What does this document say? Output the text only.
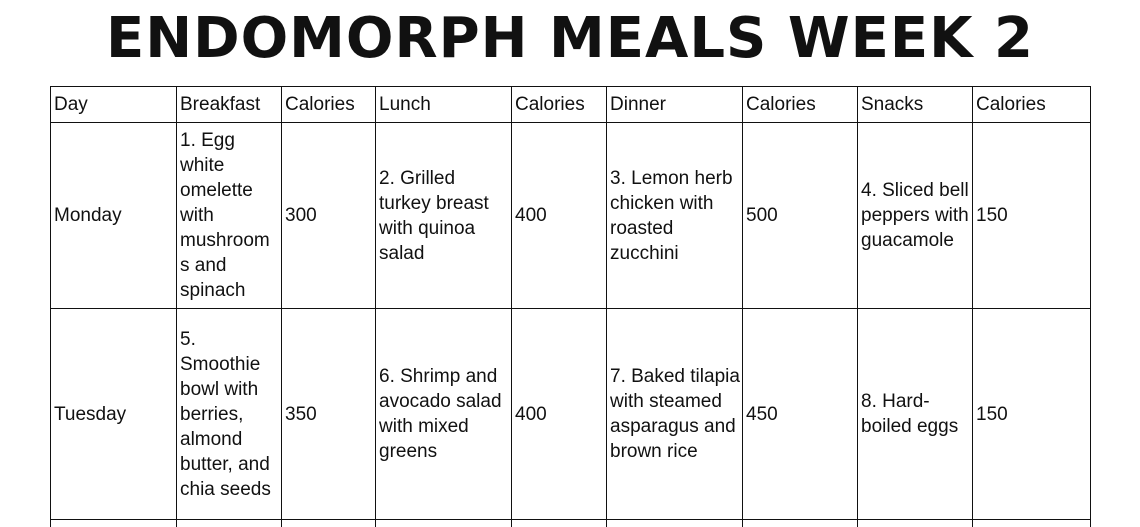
ENDOMORPH MEALS WEEK 2
Day	Breakfast	Calories	Lunch	Calories	Dinner	Calories	Snacks	Calories
Monday	1. Egg white omelette with mushrooms and spinach	300	2. Grilled turkey breast with quinoa salad	400	3. Lemon herb chicken with roasted zucchini	500	4. Sliced bell peppers with guacamole	150
Tuesday	5. Smoothie bowl with berries, almond butter, and chia seeds	350	6. Shrimp and avocado salad with mixed greens	400	7. Baked tilapia with steamed asparagus and brown rice	450	8. Hard-boiled eggs	150
